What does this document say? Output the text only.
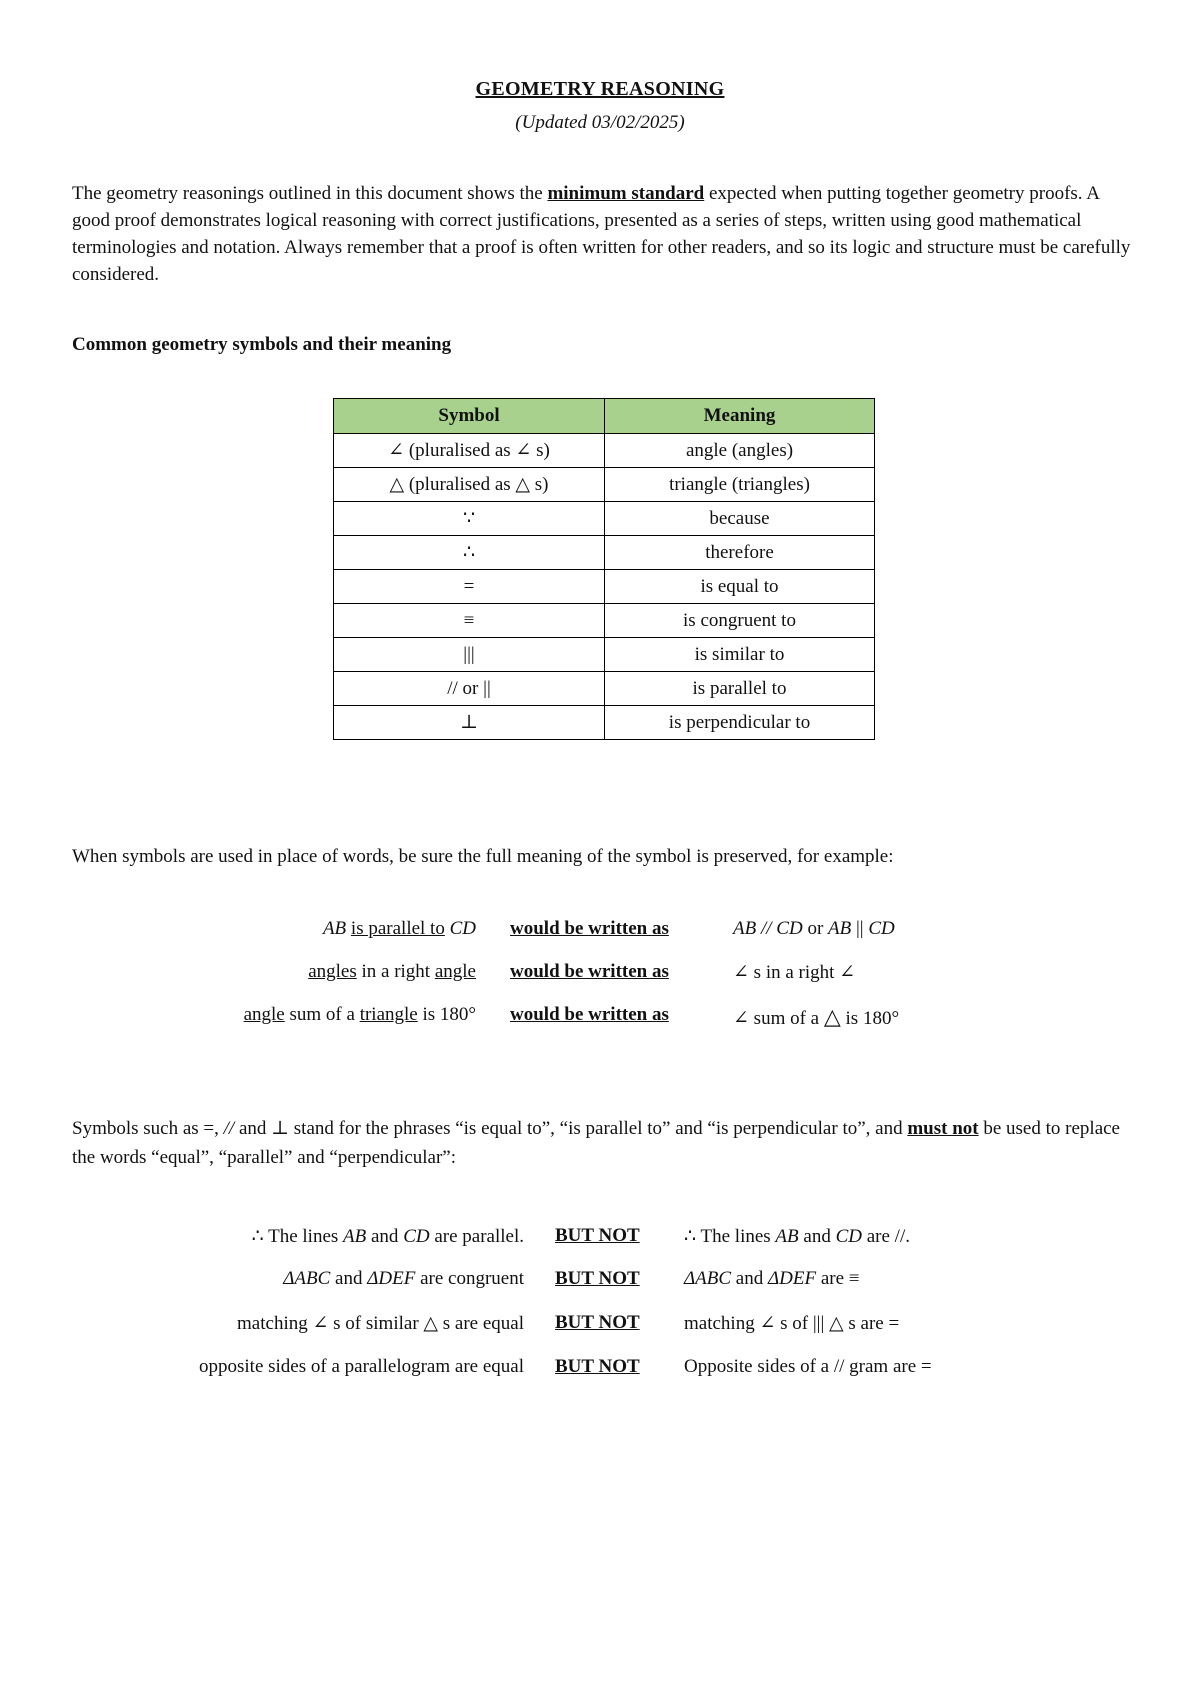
GEOMETRY REASONING
(Updated 03/02/2025)

The geometry reasonings outlined in this document shows the minimum standard expected when putting together geometry proofs. A good proof demonstrates logical reasoning with correct justifications, presented as a series of steps, written using good mathematical terminologies and notation. Always remember that a proof is often written for other readers, and so its logic and structure must be carefully considered.

Common geometry symbols and their meaning
Symbol	Meaning
∠ (pluralised as ∠ s)	angle (angles)
△ (pluralised as △ s)	triangle (triangles)
∵	because
∴	therefore
=	is equal to
≡	is congruent to
|||	is similar to
// or ||	is parallel to
⊥	is perpendicular to
When symbols are used in place of words, be sure the full meaning of the symbol is preserved, for example:
AB is parallel to CD would be written as	AB // CD or AB || CD
angles in a right angle would be written as	∠ s in a right ∠
angle sum of a triangle is 180° would be written as	∠ sum of a △ is 180°
Symbols such as =, // and ⊥ stand for the phrases “is equal to”, “is parallel to” and “is perpendicular to”, and must not be used to replace the words “equal”, “parallel” and “perpendicular”:
∴ The lines AB and CD are parallel. BUT NOT ∴ The lines AB and CD are //.
ΔABC and ΔDEF are congruent BUT NOT ΔABC and ΔDEF are ≡
matching ∠ s of similar △ s are equal BUT NOT matching ∠ s of ||| △ s are =
opposite sides of a parallelogram are equal BUT NOT Opposite sides of a // gram are =
